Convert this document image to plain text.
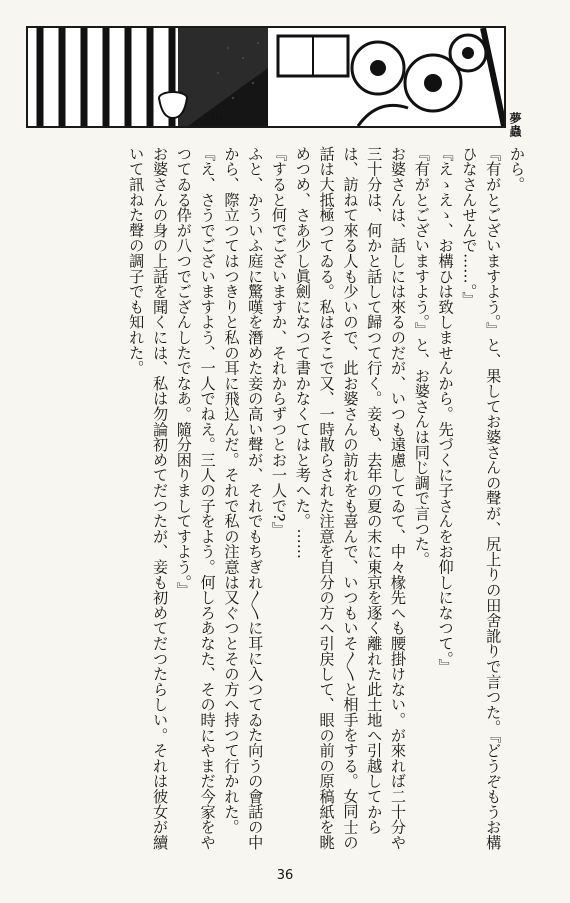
SYU	夢蟲

から。

『有がとございますよう。』と、果してお婆さんの聲が、尻上りの田舍訛りで言つた。『どうぞもうお構ひなさんせんで……。』

『えゝえゝ、お構ひは致しませんから。先づくに子さんをお仰しになつて。』

『有がとございますよう。』と、お婆さんは同じ調で言つた。

お婆さんは、話しには來るのだが、いつも遠慮してゐて、中々椽先へも腰掛けない。が來れば二十分や三十分は、何かと話して歸つて行く。妾も、去年の夏の末に東京を逐く離れた此土地へ引越してからは、訪ねて來る人も少いので、此お婆さんの訪れをも喜んで、いつもいそ〳〵と相手をする。女同士の話は大抵極つてゐる。私はそこで又、一時散らされた注意を自分の方へ引戻して、眼の前の原稿紙を眺めつめ、さあ少し眞劍になつて書かなくてはと考へた。……

『すると何でございますか、それからずつとお一人で?』

ふと、かういふ庭に驚嘆を潛めた妾の高い聲が、それでもちぎれ〳〵に耳に入つてゐた向うの會話の中から、際立つてはつきりと私の耳に飛込んだ。それで私の注意は又ぐつとその方へ持つて行かれた。

『え、さうでございますよう、一人でねえ。三人の子をよう。何しろあなた、その時にやまだ今家をやつてゐる伜が八つでござんしたでなあ。隨分困りましてすよう。』

お婆さんの身の上話を聞くには、私は勿論初めてだつたが、妾も初めてだつたらしい。それは彼女が續いて訊ねた聲の調子でも知れた。

36
